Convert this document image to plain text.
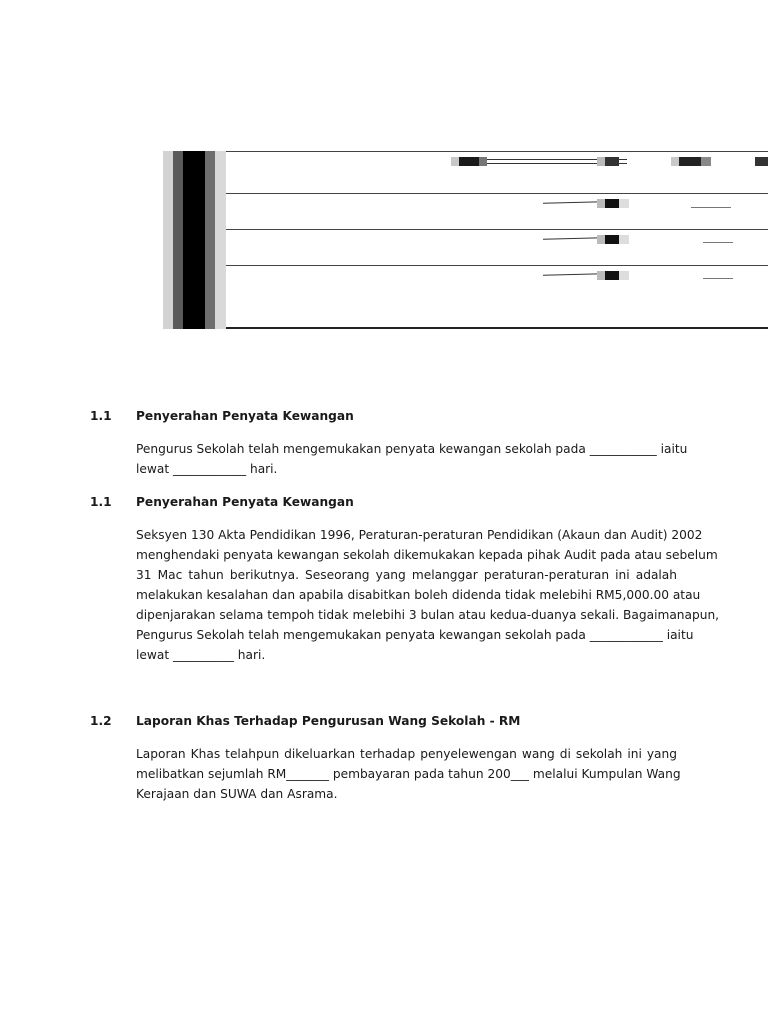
1.1 Penyerahan Penyata Kewangan
Pengurus Sekolah telah mengemukakan penyata kewangan sekolah pada ___________ iaitu
lewat ____________ hari.
1.1 Penyerahan Penyata Kewangan
Seksyen 130 Akta Pendidikan 1996, Peraturan-peraturan Pendidikan (Akaun dan Audit) 2002
menghendaki penyata kewangan sekolah dikemukakan kepada pihak Audit pada atau sebelum
31 Mac tahun berikutnya. Seseorang yang melanggar peraturan-peraturan ini adalah
melakukan kesalahan dan apabila disabitkan boleh didenda tidak melebihi RM5,000.00 atau
dipenjarakan selama tempoh tidak melebihi 3 bulan atau kedua-duanya sekali. Bagaimanapun,
Pengurus Sekolah telah mengemukakan penyata kewangan sekolah pada ____________ iaitu
lewat __________ hari.
1.2 Laporan Khas Terhadap Pengurusan Wang Sekolah - RM
Laporan Khas telahpun dikeluarkan terhadap penyelewengan wang di sekolah ini yang
melibatkan sejumlah RM_______ pembayaran pada tahun 200___ melalui Kumpulan Wang
Kerajaan dan SUWA dan Asrama.
